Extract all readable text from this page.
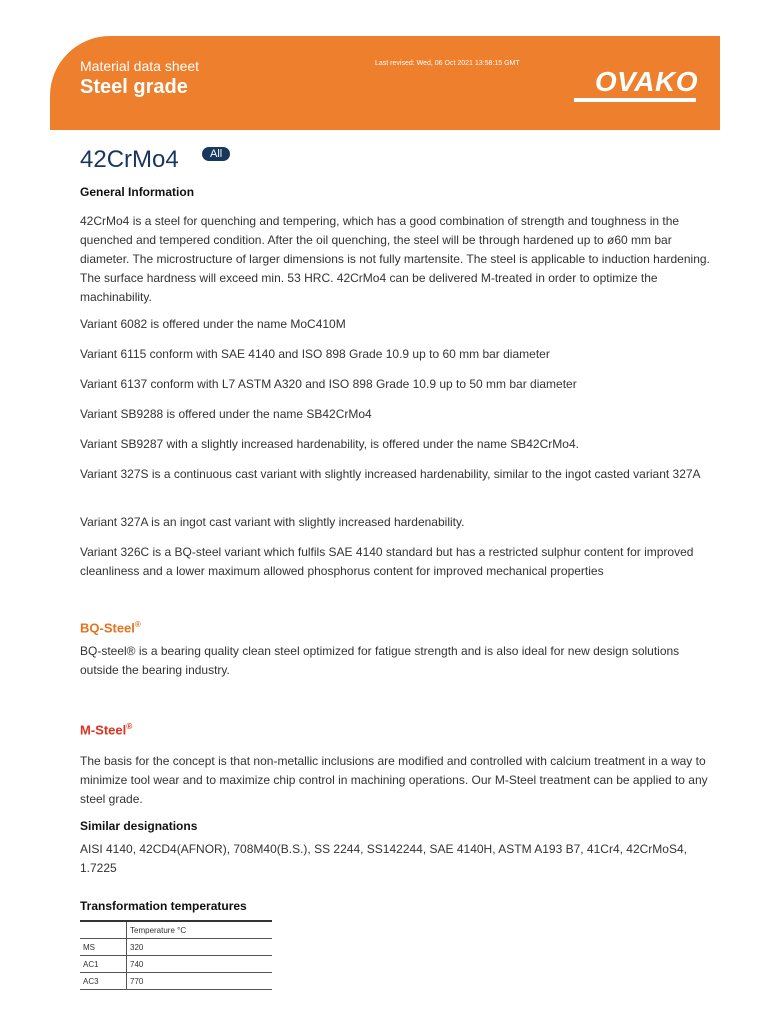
Material data sheet
Steel grade
Last revised: Wed, 06 Oct 2021 13:58:15 GMT
OVAKO
42CrMo4	All
General Information
42CrMo4 is a steel for quenching and tempering, which has a good combination of strength and toughness in the quenched and tempered condition. After the oil quenching, the steel will be through hardened up to ø60 mm bar diameter. The microstructure of larger dimensions is not fully martensite. The steel is applicable to induction hardening. The surface hardness will exceed min. 53 HRC. 42CrMo4 can be delivered M-treated in order to optimize the machinability.
Variant 6082 is offered under the name MoC410M
Variant 6115 conform with SAE 4140 and ISO 898 Grade 10.9 up to 60 mm bar diameter
Variant 6137 conform with L7 ASTM A320 and ISO 898 Grade 10.9 up to 50 mm bar diameter
Variant SB9288 is offered under the name SB42CrMo4
Variant SB9287 with a slightly increased hardenability, is offered under the name SB42CrMo4.
Variant 327S is a continuous cast variant with slightly increased hardenability, similar to the ingot casted variant 327A
Variant 327A is an ingot cast variant with slightly increased hardenability.
Variant 326C is a BQ-steel variant which fulfils SAE 4140 standard but has a restricted sulphur content for improved cleanliness and a lower maximum allowed phosphorus content for improved mechanical properties
BQ-Steel®
BQ-steel® is a bearing quality clean steel optimized for fatigue strength and is also ideal for new design solutions outside the bearing industry.
M-Steel®
The basis for the concept is that non-metallic inclusions are modified and controlled with calcium treatment in a way to minimize tool wear and to maximize chip control in machining operations. Our M-Steel treatment can be applied to any steel grade.
Similar designations
AISI 4140, 42CD4(AFNOR), 708M40(B.S.), SS 2244, SS142244, SAE 4140H, ASTM A193 B7, 41Cr4, 42CrMoS4, 1.7225
Transformation temperatures
	Temperature °C
MS	320
AC1	740
AC3	770
